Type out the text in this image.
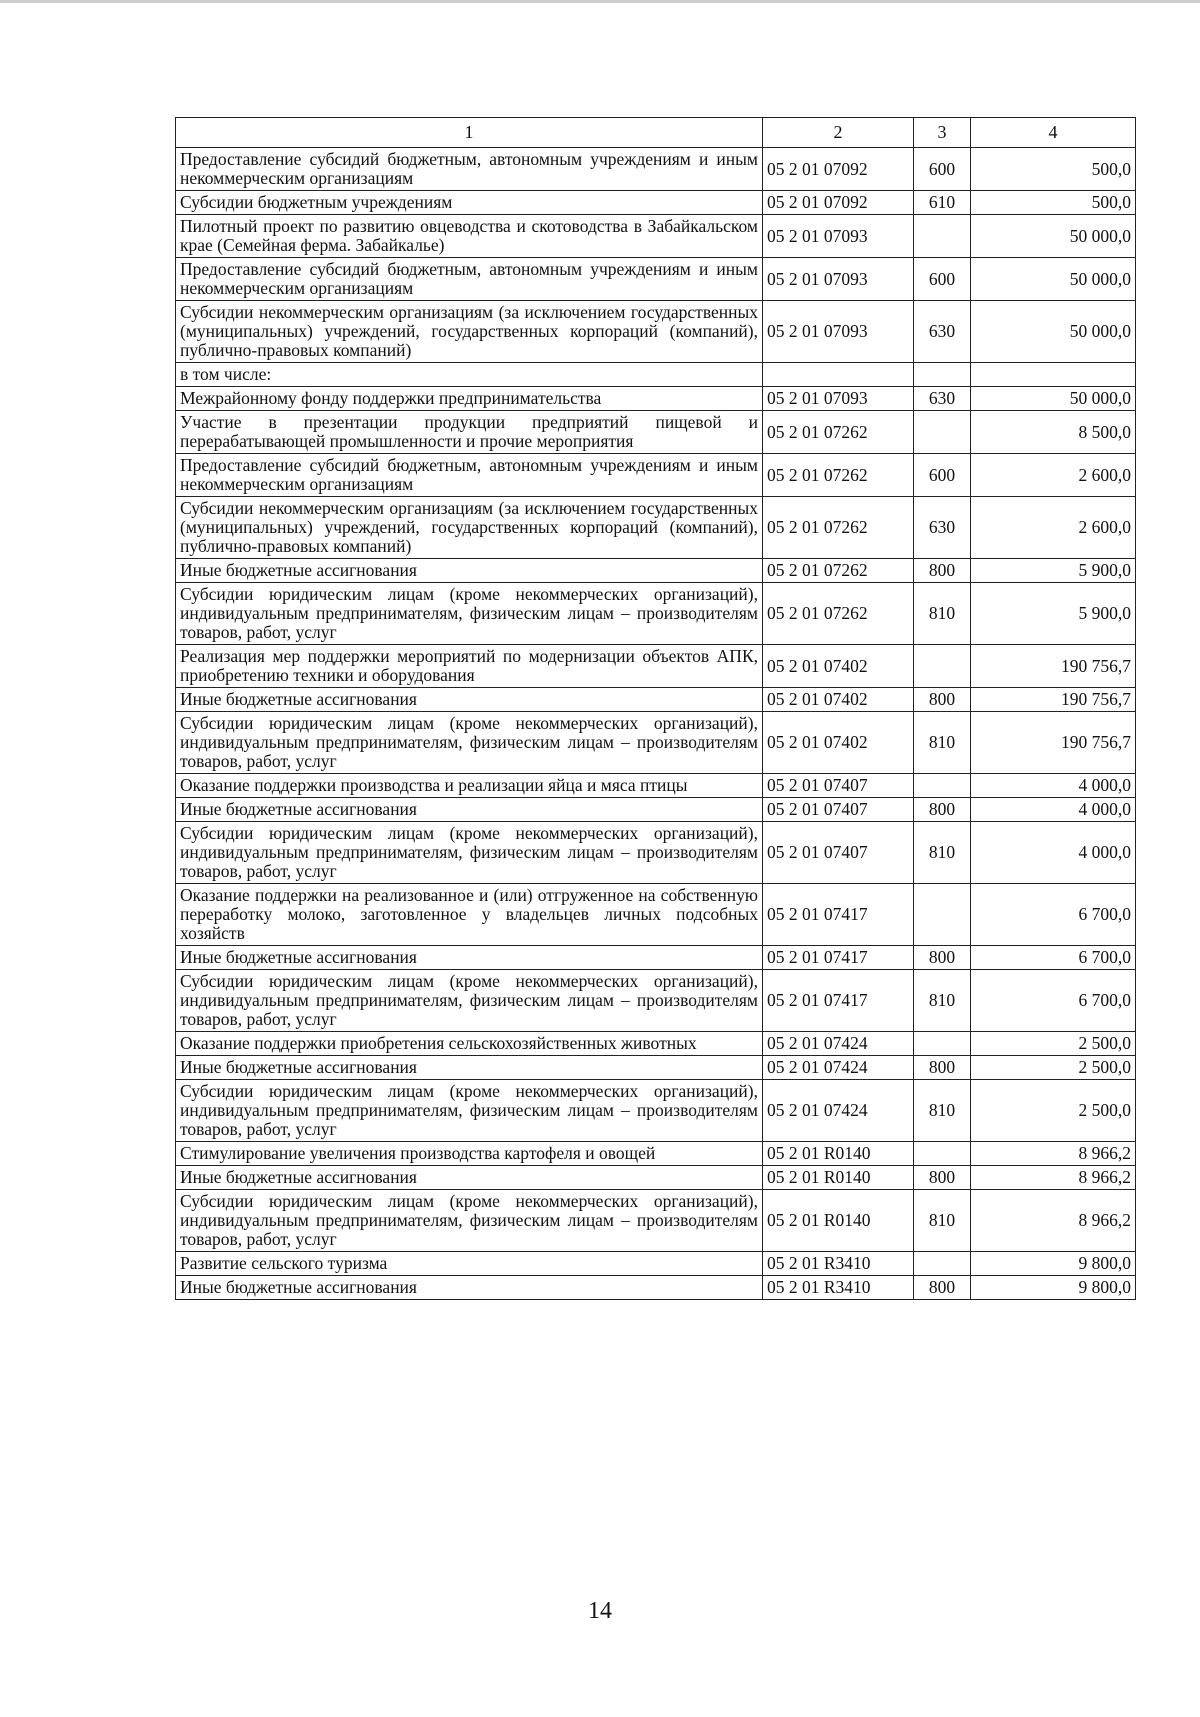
1	2	3	4
Предоставление субсидий бюджетным, автономным учреждениям и иным некоммерческим организациям	05 2 01 07092	600	500,0
Субсидии бюджетным учреждениям	05 2 01 07092	610	500,0
Пилотный проект по развитию овцеводства и скотоводства в Забайкальском крае (Семейная ферма. Забайкалье)	05 2 01 07093		50 000,0
Предоставление субсидий бюджетным, автономным учреждениям и иным некоммерческим организациям	05 2 01 07093	600	50 000,0
Субсидии некоммерческим организациям (за исключением государственных (муниципальных) учреждений, государственных корпораций (компаний), публично-правовых компаний)	05 2 01 07093	630	50 000,0
в том числе:			
Межрайонному фонду поддержки предпринимательства	05 2 01 07093	630	50 000,0
Участие в презентации продукции предприятий пищевой и перерабатывающей промышленности и прочие мероприятия	05 2 01 07262		8 500,0
Предоставление субсидий бюджетным, автономным учреждениям и иным некоммерческим организациям	05 2 01 07262	600	2 600,0
Субсидии некоммерческим организациям (за исключением государственных (муниципальных) учреждений, государственных корпораций (компаний), публично-правовых компаний)	05 2 01 07262	630	2 600,0
Иные бюджетные ассигнования	05 2 01 07262	800	5 900,0
Субсидии юридическим лицам (кроме некоммерческих организаций), индивидуальным предпринимателям, физическим лицам – производителям товаров, работ, услуг	05 2 01 07262	810	5 900,0
Реализация мер поддержки мероприятий по модернизации объектов АПК, приобретению техники и оборудования	05 2 01 07402		190 756,7
Иные бюджетные ассигнования	05 2 01 07402	800	190 756,7
Субсидии юридическим лицам (кроме некоммерческих организаций), индивидуальным предпринимателям, физическим лицам – производителям товаров, работ, услуг	05 2 01 07402	810	190 756,7
Оказание поддержки производства и реализации яйца и мяса птицы	05 2 01 07407		4 000,0
Иные бюджетные ассигнования	05 2 01 07407	800	4 000,0
Субсидии юридическим лицам (кроме некоммерческих организаций), индивидуальным предпринимателям, физическим лицам – производителям товаров, работ, услуг	05 2 01 07407	810	4 000,0
Оказание поддержки на реализованное и (или) отгруженное на собственную переработку молоко, заготовленное у владельцев личных подсобных хозяйств	05 2 01 07417		6 700,0
Иные бюджетные ассигнования	05 2 01 07417	800	6 700,0
Субсидии юридическим лицам (кроме некоммерческих организаций), индивидуальным предпринимателям, физическим лицам – производителям товаров, работ, услуг	05 2 01 07417	810	6 700,0
Оказание поддержки приобретения сельскохозяйственных животных	05 2 01 07424		2 500,0
Иные бюджетные ассигнования	05 2 01 07424	800	2 500,0
Субсидии юридическим лицам (кроме некоммерческих организаций), индивидуальным предпринимателям, физическим лицам – производителям товаров, работ, услуг	05 2 01 07424	810	2 500,0
Стимулирование увеличения производства картофеля и овощей	05 2 01 R0140		8 966,2
Иные бюджетные ассигнования	05 2 01 R0140	800	8 966,2
Субсидии юридическим лицам (кроме некоммерческих организаций), индивидуальным предпринимателям, физическим лицам – производителям товаров, работ, услуг	05 2 01 R0140	810	8 966,2
Развитие сельского туризма	05 2 01 R3410		9 800,0
Иные бюджетные ассигнования	05 2 01 R3410	800	9 800,0
14
